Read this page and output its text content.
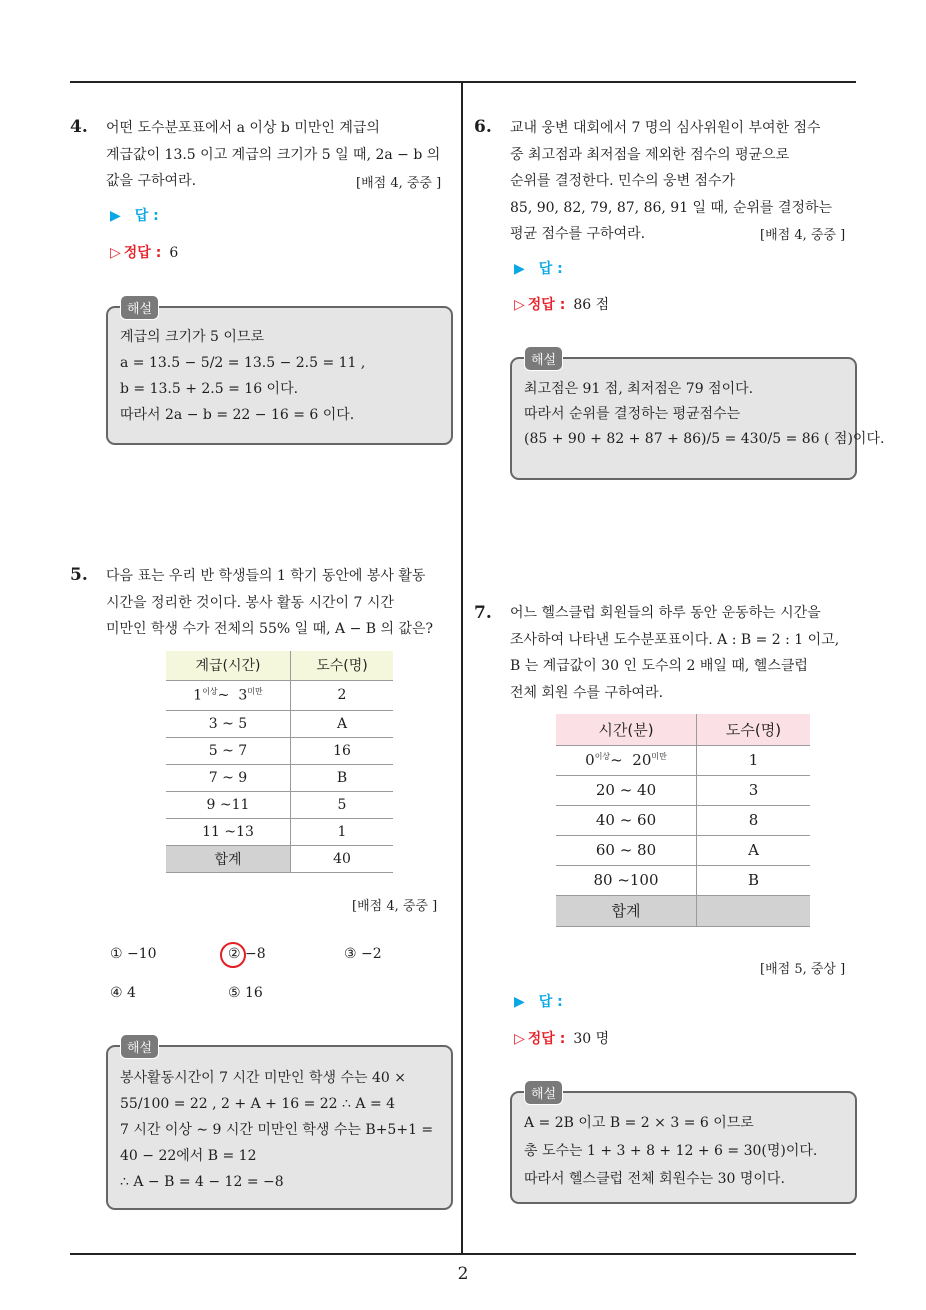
2
4. 어떤 도수분포표에서 a 이상 b 미만인 계급의
계급값이 13.5 이고 계급의 크기가 5 일 때, 2a − b 의
값을 구하여라.	[배점 4, 중중 ]
▶ 답 :
▷ 정답 : 6
해설
계급의 크기가 5 이므로
a = 13.5 − 5/2 = 13.5 − 2.5 = 11 ,
b = 13.5 + 2.5 = 16 이다.
따라서 2a − b = 22 − 16 = 6 이다.
5. 다음 표는 우리 반 학생들의 1 학기 동안에 봉사 활동
시간을 정리한 것이다. 봉사 활동 시간이 7 시간
미만인 학생 수가 전체의 55% 일 때, A − B 의 값은?
계급(시간)	도수(명)
$1^{이상}\sim$ $3^{미만}$	2
3 ~ 5	A
5 ~ 7	16
7 ~ 9	B
9 ~11	5
11 ~13	1
합계	40
[배점 4, 중중 ]
① −10	② −8	③ −2
④ 4	⑤ 16
해설
봉사활동시간이 7 시간 미만인 학생 수는 40 ×
55/100 = 22 , 2 + A + 16 = 22 ∴ A = 4
7 시간 이상 ∼ 9 시간 미만인 학생 수는 B+5+1 =
40 − 22에서 B = 12
∴ A − B = 4 − 12 = −8
6. 교내 웅변 대회에서 7 명의 심사위원이 부여한 점수
중 최고점과 최저점을 제외한 점수의 평균으로
순위를 결정한다. 민수의 웅변 점수가
85, 90, 82, 79, 87, 86, 91 일 때, 순위를 결정하는
평균 점수를 구하여라.	[배점 4, 중중 ]
▶ 답 :
▷ 정답 : 86 점
해설
최고점은 91 점, 최저점은 79 점이다.
따라서 순위를 결정하는 평균점수는
(85 + 90 + 82 + 87 + 86)/5 = 430/5 = 86 ( 점)이다.
7. 어느 헬스클럽 회원들의 하루 동안 운동하는 시간을
조사하여 나타낸 도수분포표이다. A : B = 2 : 1 이고,
B 는 계급값이 30 인 도수의 2 배일 때, 헬스클럽
전체 회원 수를 구하여라.
시간(분)	도수(명)
$0^{이상}\sim$ $20^{미만}$	1
20 ~ 40	3
40 ~ 60	8
60 ~ 80	A
80 ~100	B
합계	
[배점 5, 중상 ]
▶ 답 :
▷ 정답 : 30 명
해설
A = 2B 이고 B = 2 × 3 = 6 이므로
총 도수는 1 + 3 + 8 + 12 + 6 = 30(명)이다.
따라서 헬스클럽 전체 회원수는 30 명이다.
